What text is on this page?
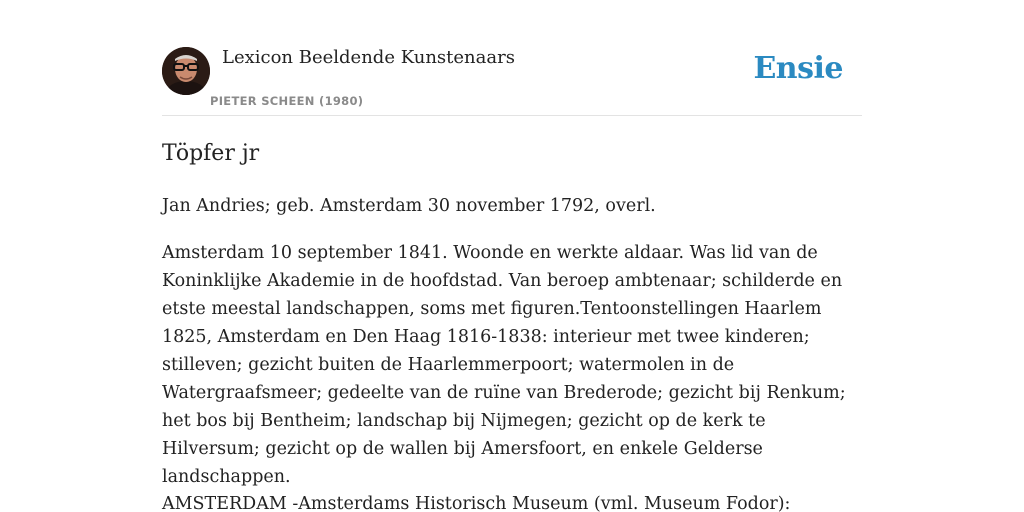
Lexicon Beeldende Kunstenaars
PIETER SCHEEN (1980)
Ensie
Töpfer jr

Jan Andries; geb. Amsterdam 30 november 1792, overl.

Amsterdam 10 september 1841. Woonde en werkte aldaar. Was lid van de Koninklijke Akademie in de hoofdstad. Van beroep ambtenaar; schilderde en etste meestal landschappen, soms met figuren.Tentoonstellingen Haarlem 1825, Amsterdam en Den Haag 1816-1838: interieur met twee kinderen; stilleven; gezicht buiten de Haarlemmerpoort; watermolen in de Watergraafsmeer; gedeelte van de ruïne van Brederode; gezicht bij Renkum; het bos bij Bentheim; landschap bij Nijmegen; gezicht op de kerk te Hilversum; gezicht op de wallen bij Amersfoort, en enkele Gelderse landschappen.

AMSTERDAM -Amsterdams Historisch Museum (vml. Museum Fodor):
